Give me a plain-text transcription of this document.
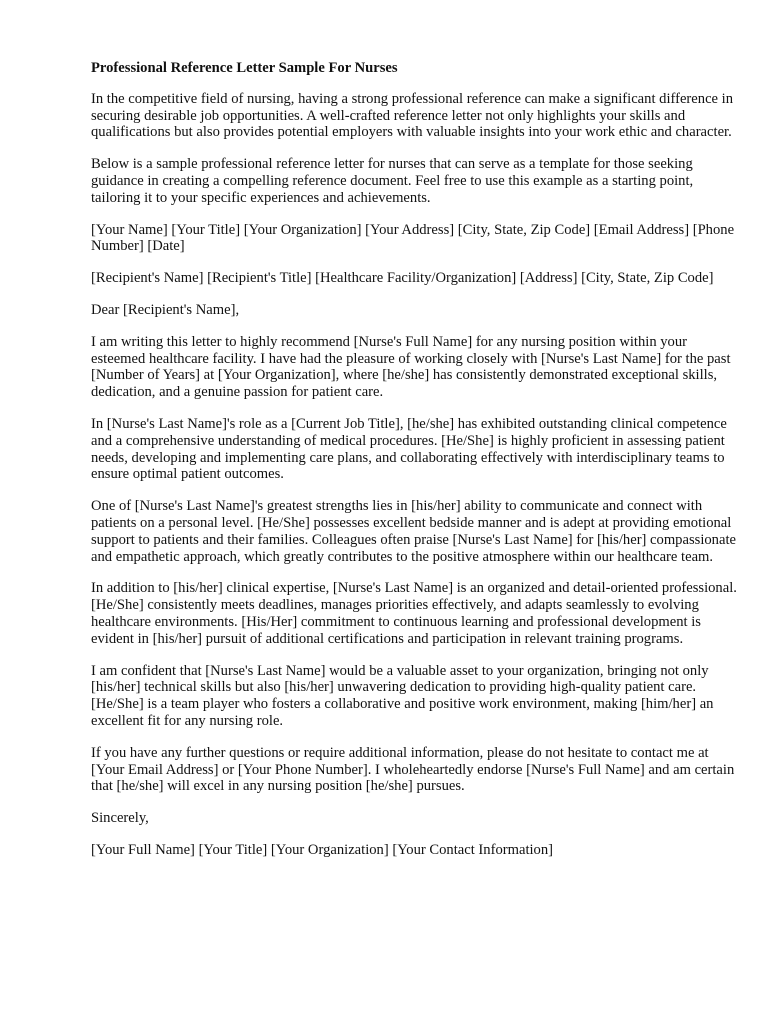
Professional Reference Letter Sample For Nurses

In the competitive field of nursing, having a strong professional reference can make a significant difference in securing desirable job opportunities. A well-crafted reference letter not only highlights your skills and qualifications but also provides potential employers with valuable insights into your work ethic and character.

Below is a sample professional reference letter for nurses that can serve as a template for those seeking guidance in creating a compelling reference document. Feel free to use this example as a starting point, tailoring it to your specific experiences and achievements.

[Your Name] [Your Title] [Your Organization] [Your Address] [City, State, Zip Code] [Email Address] [Phone Number] [Date]

[Recipient's Name] [Recipient's Title] [Healthcare Facility/Organization] [Address] [City, State, Zip Code]

Dear [Recipient's Name],

I am writing this letter to highly recommend [Nurse's Full Name] for any nursing position within your esteemed healthcare facility. I have had the pleasure of working closely with [Nurse's Last Name] for the past [Number of Years] at [Your Organization], where [he/she] has consistently demonstrated exceptional skills, dedication, and a genuine passion for patient care.

In [Nurse's Last Name]'s role as a [Current Job Title], [he/she] has exhibited outstanding clinical competence and a comprehensive understanding of medical procedures. [He/She] is highly proficient in assessing patient needs, developing and implementing care plans, and collaborating effectively with interdisciplinary teams to ensure optimal patient outcomes.

One of [Nurse's Last Name]'s greatest strengths lies in [his/her] ability to communicate and connect with patients on a personal level. [He/She] possesses excellent bedside manner and is adept at providing emotional support to patients and their families. Colleagues often praise [Nurse's Last Name] for [his/her] compassionate and empathetic approach, which greatly contributes to the positive atmosphere within our healthcare team.

In addition to [his/her] clinical expertise, [Nurse's Last Name] is an organized and detail-oriented professional. [He/She] consistently meets deadlines, manages priorities effectively, and adapts seamlessly to evolving healthcare environments. [His/Her] commitment to continuous learning and professional development is evident in [his/her] pursuit of additional certifications and participation in relevant training programs.

I am confident that [Nurse's Last Name] would be a valuable asset to your organization, bringing not only [his/her] technical skills but also [his/her] unwavering dedication to providing high-quality patient care. [He/She] is a team player who fosters a collaborative and positive work environment, making [him/her] an excellent fit for any nursing role.

If you have any further questions or require additional information, please do not hesitate to contact me at [Your Email Address] or [Your Phone Number]. I wholeheartedly endorse [Nurse's Full Name] and am certain that [he/she] will excel in any nursing position [he/she] pursues.

Sincerely,

[Your Full Name] [Your Title] [Your Organization] [Your Contact Information]
